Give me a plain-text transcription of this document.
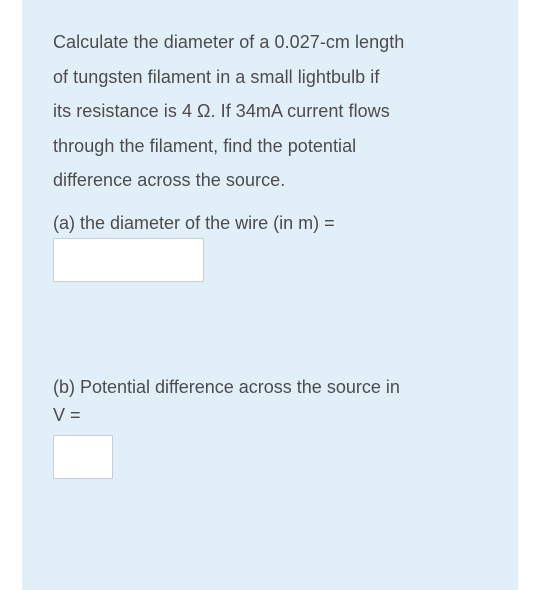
Calculate the diameter of a 0.027-cm length
of tungsten filament in a small lightbulb if
its resistance is 4 Ω. If 34mA current flows
through the filament, find the potential
difference across the source.
(a) the diameter of the wire (in m) =
(b) Potential difference across the source in
V =
